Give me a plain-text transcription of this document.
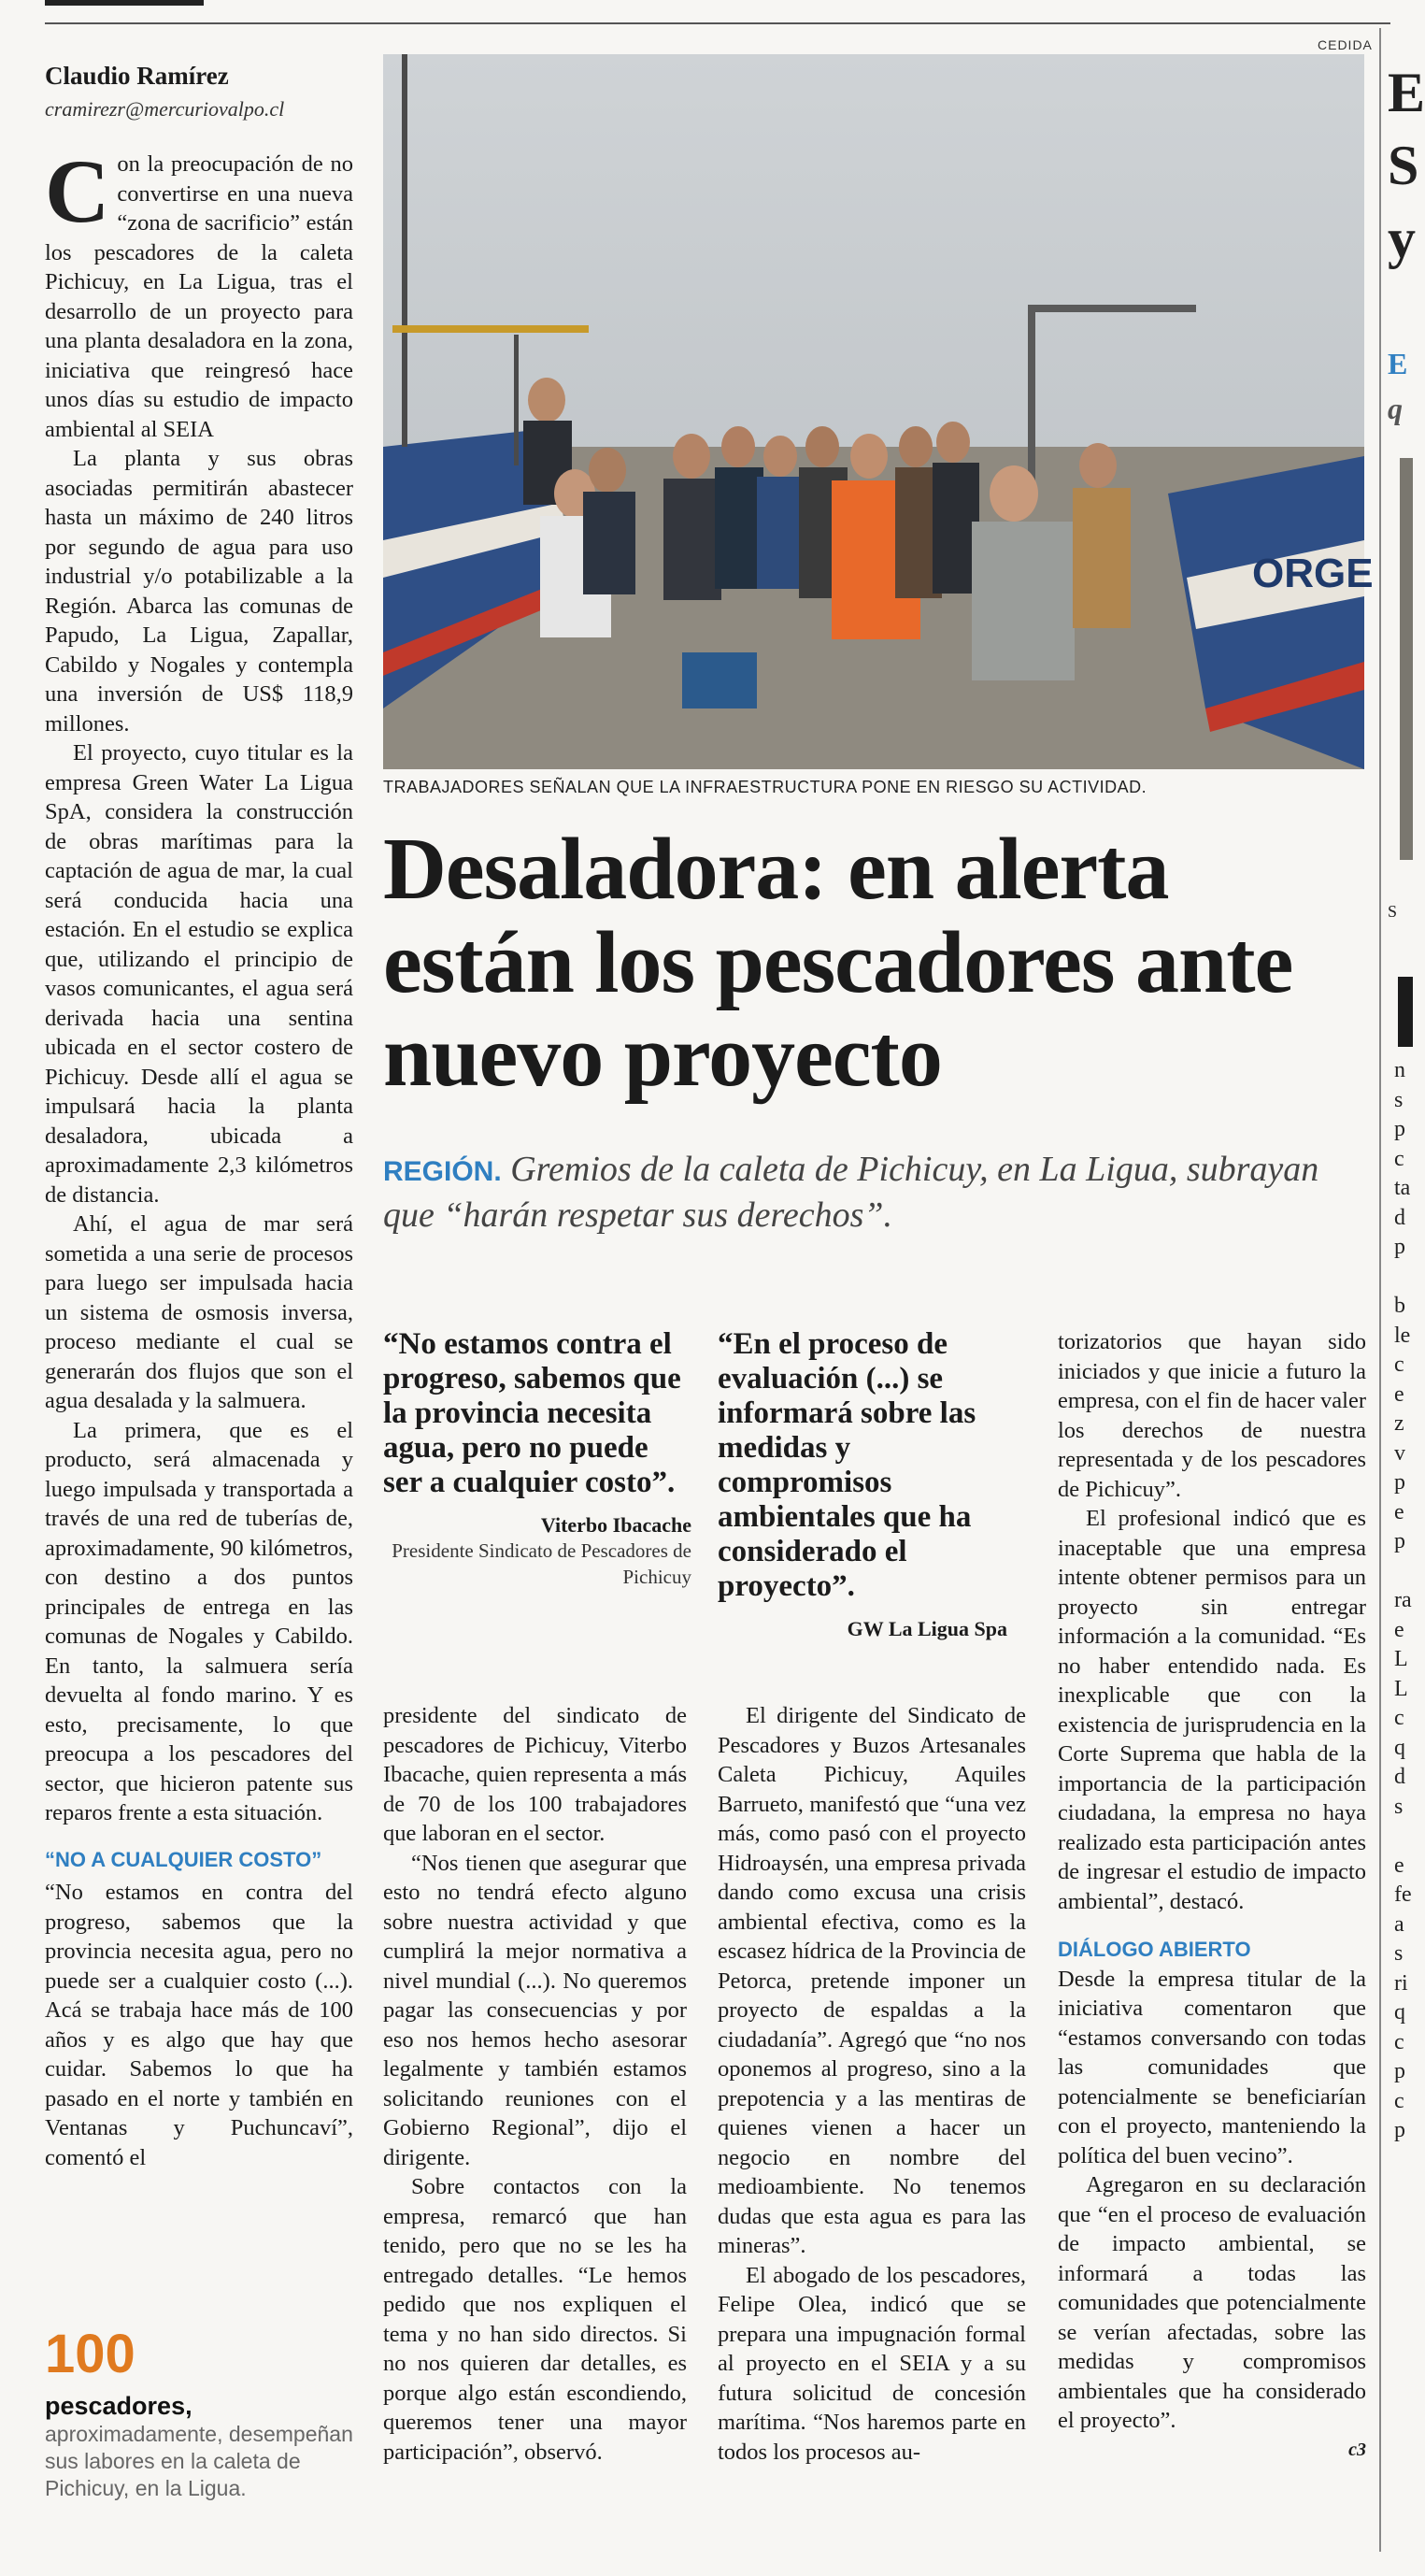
Claudio Ramírez
cramirezr@mercuriovalpo.cl

Con la preocupación de no convertirse en una nueva “zona de sacrificio” están los pescadores de la caleta Pichicuy, en La Ligua, tras el desarrollo de un proyecto para una planta desaladora en la zona, iniciativa que reingresó hace unos días su estudio de impacto ambiental al SEIA

La planta y sus obras asociadas permitirán abastecer hasta un máximo de 240 litros por segundo de agua para uso industrial y/o potabilizable a la Región. Abarca las comunas de Papudo, La Ligua, Zapallar, Cabildo y Nogales y contempla una inversión de US$ 118,9 millones.

El proyecto, cuyo titular es la empresa Green Water La Ligua SpA, considera la construcción de obras marítimas para la captación de agua de mar, la cual será conducida hacia una estación. En el estudio se explica que, utilizando el principio de vasos comunicantes, el agua será derivada hacia una sentina ubicada en el sector costero de Pichicuy. Desde allí el agua se impulsará hacia la planta desaladora, ubicada a aproximadamente 2,3 kilómetros de distancia.

Ahí, el agua de mar será sometida a una serie de procesos para luego ser impulsada hacia un sistema de osmosis inversa, proceso mediante el cual se generarán dos flujos que son el agua desalada y la salmuera.

La primera, que es el producto, será almacenada y luego impulsada y transportada a través de una red de tuberías de, aproximadamente, 90 kilómetros, con destino a dos puntos principales de entrega en las comunas de Nogales y Cabildo. En tanto, la salmuera sería devuelta al fondo marino. Y es esto, precisamente, lo que preocupa a los pescadores del sector, que hicieron patente sus reparos frente a esta situación.

“NO A CUALQUIER COSTO”

“No estamos en contra del progreso, sabemos que la provincia necesita agua, pero no puede ser a cualquier costo (...). Acá se trabaja hace más de 100 años y es algo que hay que cuidar. Sabemos lo que ha pasado en el norte y también en Ventanas y Puchuncaví”, comentó el

100
pescadores, aproximadamente, desempeñan sus labores en la caleta de Pichicuy, en la Ligua.
CEDIDA
ORGE
TRABAJADORES SEÑALAN QUE LA INFRAESTRUCTURA PONE EN RIESGO SU ACTIVIDAD.
Desaladora: en alerta están los pescadores ante nuevo proyecto
REGIÓN. Gremios de la caleta de Pichicuy, en La Ligua, subrayan que “harán respetar sus derechos”.
“No estamos contra el progreso, sabemos que la provincia necesita agua, pero no puede ser a cualquier costo”.
Viterbo Ibacache
Presidente Sindicato de Pescadores de Pichicuy
“En el proceso de evaluación (...) se informará sobre las medidas y compromisos ambientales que ha considerado el proyecto”.
GW La Ligua Spa

presidente del sindicato de pescadores de Pichicuy, Viterbo Ibacache, quien representa a más de 70 de los 100 trabajadores que laboran en el sector.

“Nos tienen que asegurar que esto no tendrá efecto alguno sobre nuestra actividad y que cumplirá la mejor normativa a nivel mundial (...). No queremos pagar las consecuencias y por eso nos hemos hecho asesorar legalmente y también estamos solicitando reuniones con el Gobierno Regional”, dijo el dirigente.

Sobre contactos con la empresa, remarcó que han tenido, pero que no se les ha entregado detalles. “Le hemos pedido que nos expliquen el tema y no han sido directos. Si no nos quieren dar detalles, es porque algo están escondiendo, queremos tener una mayor participación”, observó.

El dirigente del Sindicato de Pescadores y Buzos Artesanales Caleta Pichicuy, Aquiles Barrueto, manifestó que “una vez más, como pasó con el proyecto Hidroaysén, una empresa privada dando como excusa una crisis ambiental efectiva, como es la escasez hídrica de la Provincia de Petorca, pretende imponer un proyecto de espaldas a la ciudadanía”. Agregó que “no nos oponemos al progreso, sino a la prepotencia y a las mentiras de quienes vienen a hacer un negocio en nombre del medioambiente. No tenemos dudas que esta agua es para las mineras”.

El abogado de los pescadores, Felipe Olea, indicó que se prepara una impugnación formal al proyecto en el SEIA y a su futura solicitud de concesión marítima. “Nos haremos parte en todos los procesos au-

torizatorios que hayan sido iniciados y que inicie a futuro la empresa, con el fin de hacer valer los derechos de nuestra representada y de los pescadores de Pichicuy”.

El profesional indicó que es inaceptable que una empresa intente obtener permisos para un proyecto sin entregar información a la comunidad. “Es no haber entendido nada. Es inexplicable que con la existencia de jurisprudencia en la Corte Suprema que habla de la importancia de la participación ciudadana, la empresa no haya realizado esta participación antes de ingresar el estudio de impacto ambiental”, destacó.

DIÁLOGO ABIERTO

Desde la empresa titular de la iniciativa comentaron que “estamos conversando con todas las comunidades que potencialmente se beneficiarían con el proyecto, manteniendo la política del buen vecino”.

Agregaron en su declaración que “en el proceso de evaluación de impacto ambiental, se informará a todas las comunidades que potencialmente se verían afectadas, sobre las medidas y compromisos ambientales que ha considerado el proyecto”.

c3
E
S
y
E
q
S
n
s
p
c
ta
d
p

b
le
c
e
z
v
p
e
p

ra
e
L
L
c
q
d
s

e
fe
a
s
ri
q
c
p
c
p
